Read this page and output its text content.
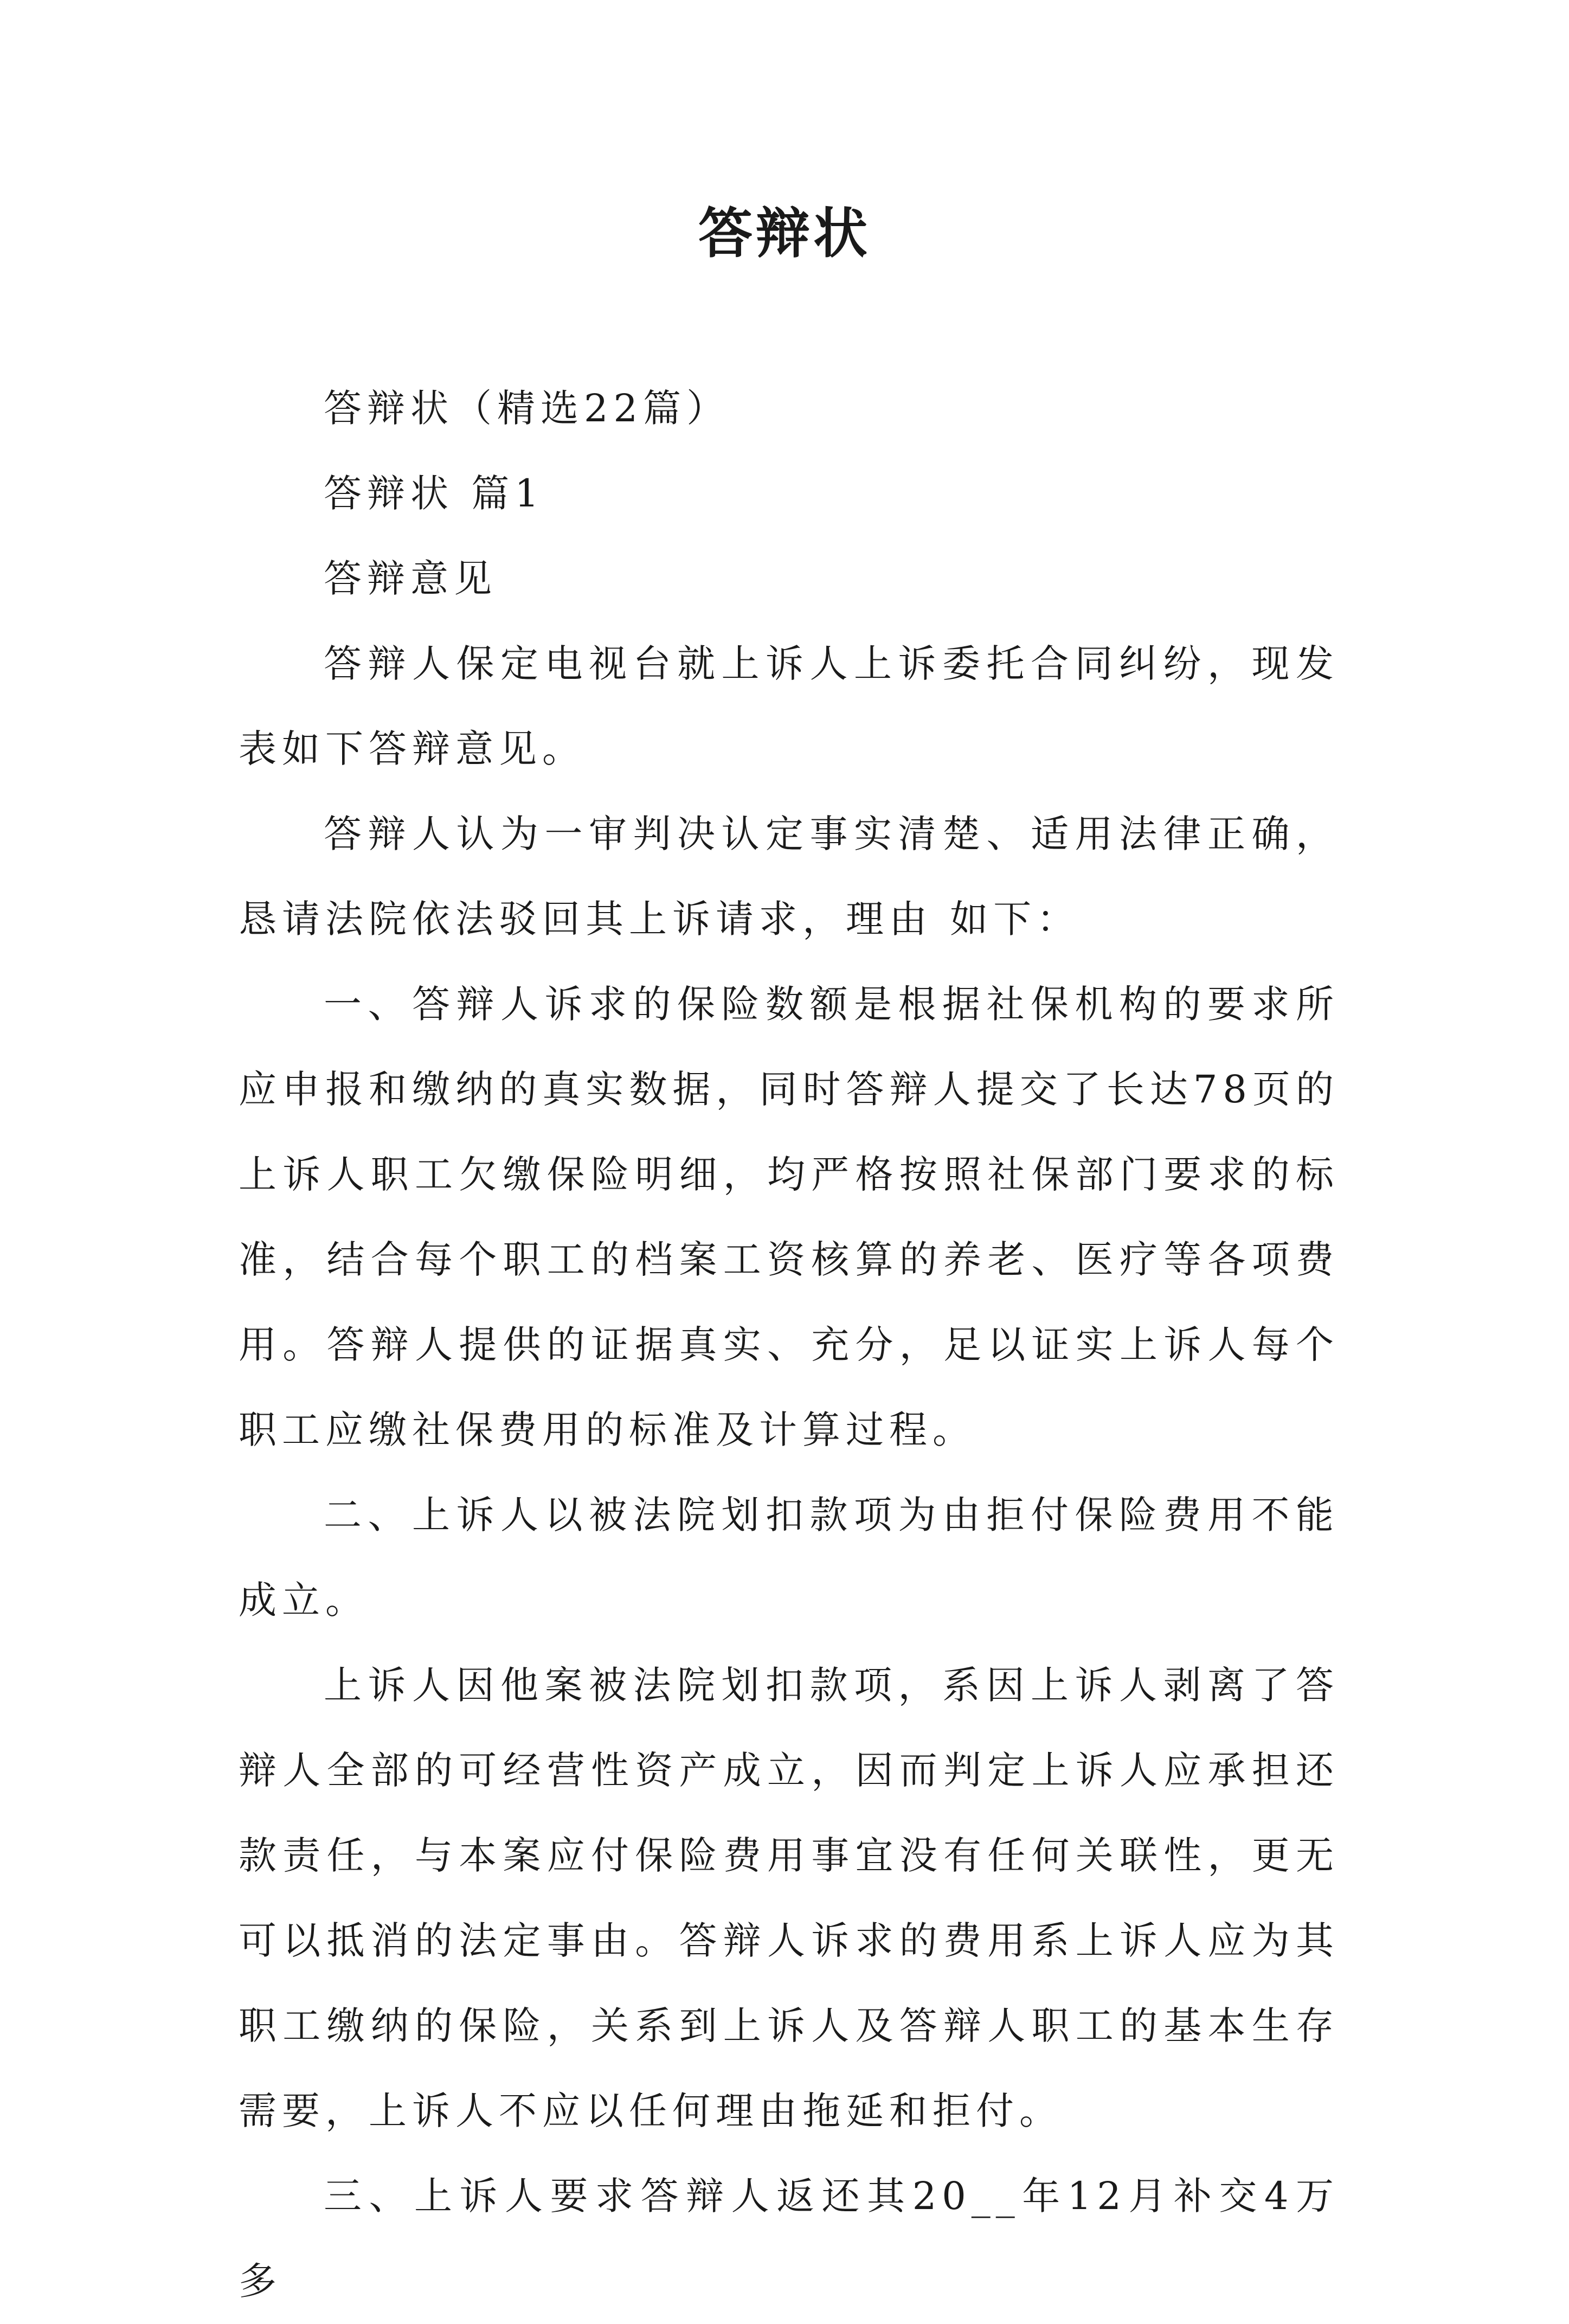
答辩状

答辩状（精选22篇）

答辩状 篇1

答辩意见

答辩人保定电视台就上诉人上诉委托合同纠纷，现发表如下答辩意见。

答辩人认为一审判决认定事实清楚、适用法律正确，恳请法院依法驳回其上诉请求，理由 如下：

一、答辩人诉求的保险数额是根据社保机构的要求所应申报和缴纳的真实数据，同时答辩人提交了长达78页的上诉人职工欠缴保险明细，均严格按照社保部门要求的标准，结合每个职工的档案工资核算的养老、医疗等各项费用。答辩人提供的证据真实、充分，足以证实上诉人每个职工应缴社保费用的标准及计算过程。

二、上诉人以被法院划扣款项为由拒付保险费用不能成立。

上诉人因他案被法院划扣款项，系因上诉人剥离了答辩人全部的可经营性资产成立，因而判定上诉人应承担还款责任，与本案应付保险费用事宜没有任何关联性，更无可以抵消的法定事由。答辩人诉求的费用系上诉人应为其职工缴纳的保险，关系到上诉人及答辩人职工的基本生存需要，上诉人不应以任何理由拖延和拒付。

三、上诉人要求答辩人返还其20__年12月补交4万多
